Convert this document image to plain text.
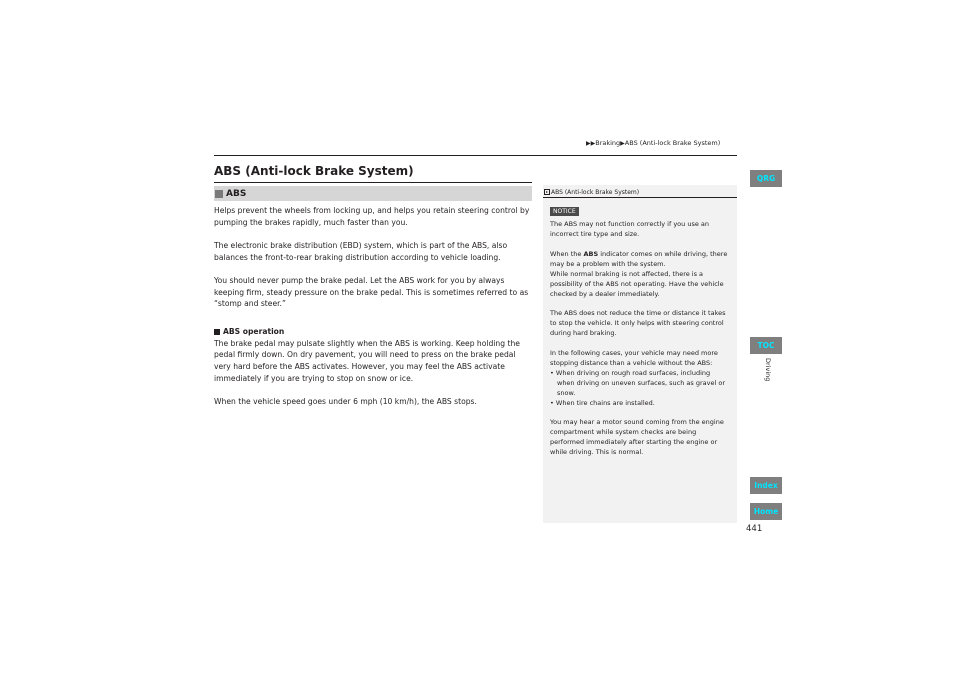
▶▶Braking▶ABS (Anti-lock Brake System)
ABS (Anti-lock Brake System)
ABS

Helps prevent the wheels from locking up, and helps you retain steering control by pumping the brakes rapidly, much faster than you.

The electronic brake distribution (EBD) system, which is part of the ABS, also balances the front-to-rear braking distribution according to vehicle loading.

You should never pump the brake pedal. Let the ABS work for you by always keeping firm, steady pressure on the brake pedal. This is sometimes referred to as “stomp and steer.”

ABS operation

The brake pedal may pulsate slightly when the ABS is working. Keep holding the pedal firmly down. On dry pavement, you will need to press on the brake pedal very hard before the ABS activates. However, you may feel the ABS activate immediately if you are trying to stop on snow or ice.

When the vehicle speed goes under 6 mph (10 km/h), the ABS stops.

▸ ABS (Anti-lock Brake System)
NOTICE

The ABS may not function correctly if you use an incorrect tire type and size.

When the ABS indicator comes on while driving, there may be a problem with the system.
While normal braking is not affected, there is a possibility of the ABS not operating. Have the vehicle checked by a dealer immediately.

The ABS does not reduce the time or distance it takes to stop the vehicle. It only helps with steering control during hard braking.

In the following cases, your vehicle may need more stopping distance than a vehicle without the ABS:

• When driving on rough road surfaces, including when driving on uneven surfaces, such as gravel or snow.

• When tire chains are installed.

You may hear a motor sound coming from the engine compartment while system checks are being performed immediately after starting the engine or while driving. This is normal.

QRG
TOC
Driving
Index
Home
441
